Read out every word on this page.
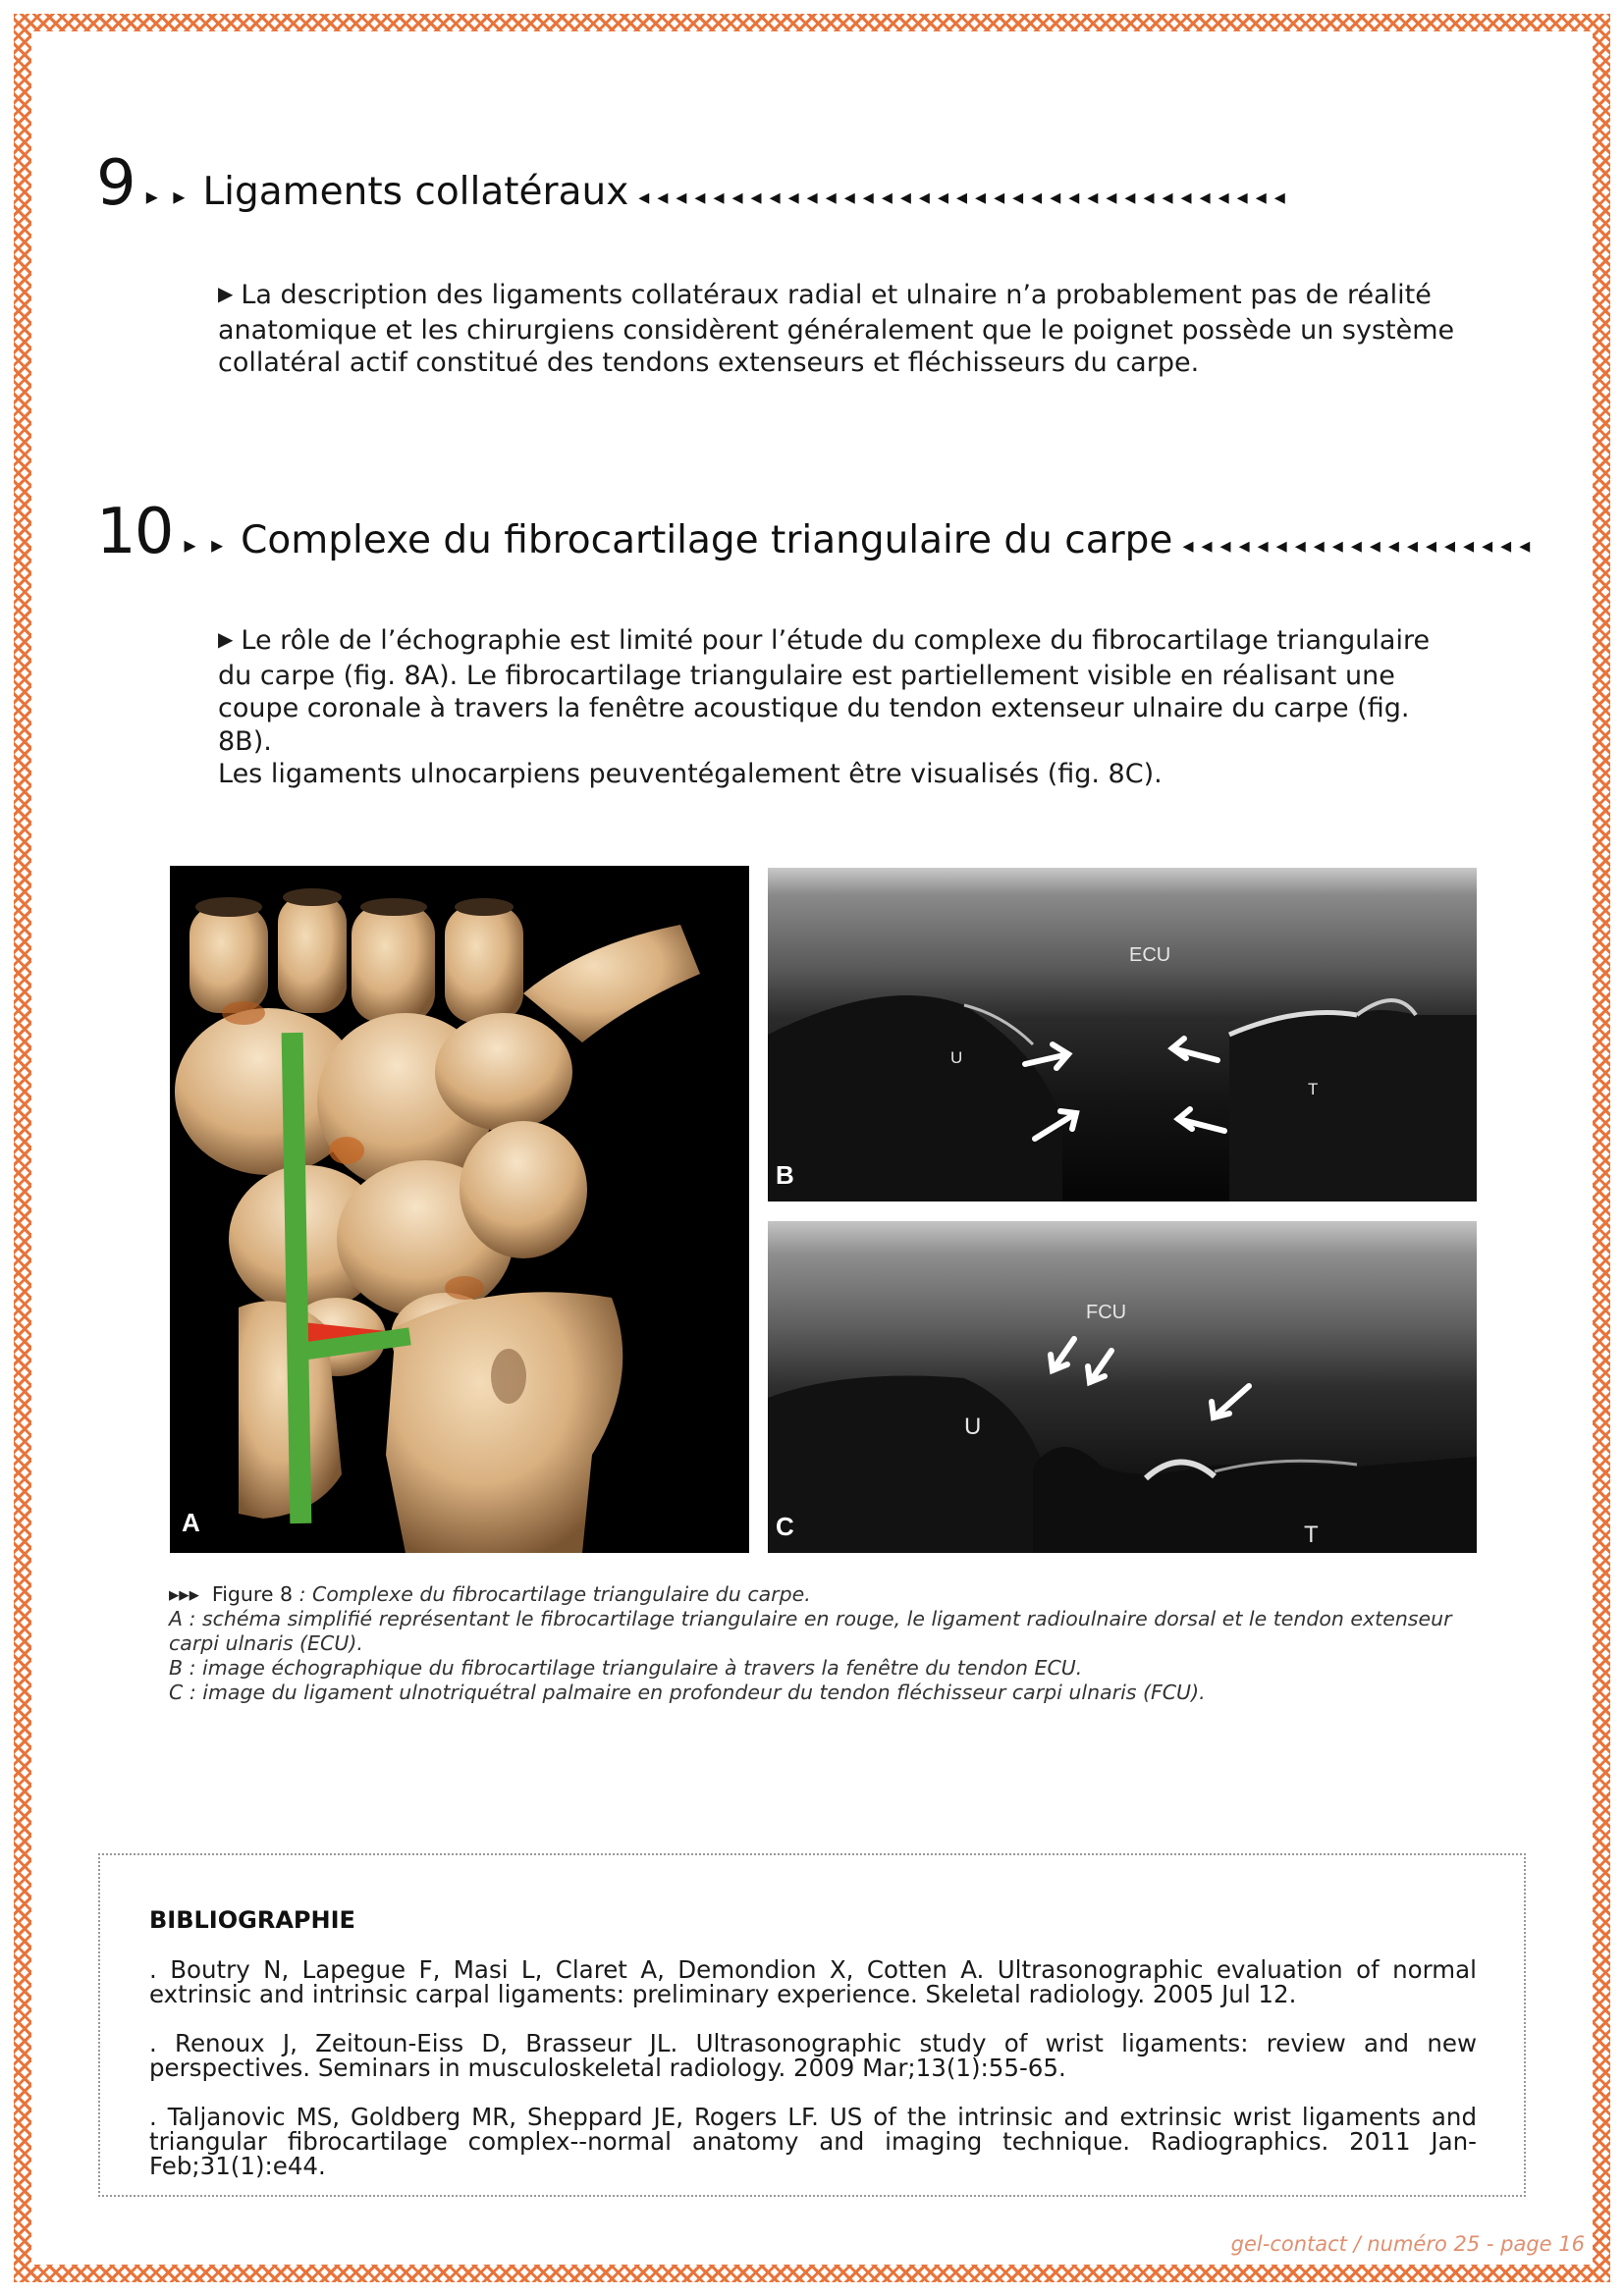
9 ▸ ▸ Ligaments collatéraux ◂◂◂◂◂◂◂◂◂◂◂◂◂◂◂◂◂◂◂◂◂◂◂◂◂◂◂◂◂◂◂◂◂◂◂
▶ La description des ligaments collatéraux radial et ulnaire n’a probablement pas de réalité anatomique et les chirurgiens considèrent généralement que le poignet possède un système collatéral actif constitué des tendons extenseurs et fléchisseurs du carpe.
10 ▸ ▸ Complexe du fibrocartilage triangulaire du carpe ◂◂◂◂◂◂◂◂◂◂◂◂◂◂◂◂◂◂◂
▶ Le rôle de l’échographie est limité pour l’étude du complexe du fibrocartilage triangulaire du carpe (fig. 8A). Le fibrocartilage triangulaire est partiellement visible en réalisant une coupe coronale à travers la fenêtre acoustique du tendon extenseur ulnaire du carpe (fig. 8B).
Les ligaments ulnocarpiens peuventégalement être visualisés (fig. 8C).
A
ECU
U
T
B
FCU
U
T
C
▸▸▸ Figure 8 : Complexe du fibrocartilage triangulaire du carpe.
A : schéma simplifié représentant le fibrocartilage triangulaire en rouge, le ligament radioulnaire dorsal et le tendon extenseur carpi ulnaris (ECU).
B : image échographique du fibrocartilage triangulaire à travers la fenêtre du tendon ECU.
C : image du ligament ulnotriquétral palmaire en profondeur du tendon fléchisseur carpi ulnaris (FCU).
BIBLIOGRAPHIE
. Boutry N, Lapegue F, Masi L, Claret A, Demondion X, Cotten A. Ultrasonographic evaluation of normal extrinsic and intrinsic carpal ligaments: preliminary experience. Skeletal radiology. 2005 Jul 12.
. Renoux J, Zeitoun-Eiss D, Brasseur JL. Ultrasonographic study of wrist ligaments: review and new perspectives. Seminars in musculoskeletal radiology. 2009 Mar;13(1):55-65.
. Taljanovic MS, Goldberg MR, Sheppard JE, Rogers LF. US of the intrinsic and extrinsic wrist ligaments and triangular fibrocartilage complex--normal anatomy and imaging technique. Radiographics. 2011 Jan-Feb;31(1):e44.
gel-contact / numéro 25 - page 16
